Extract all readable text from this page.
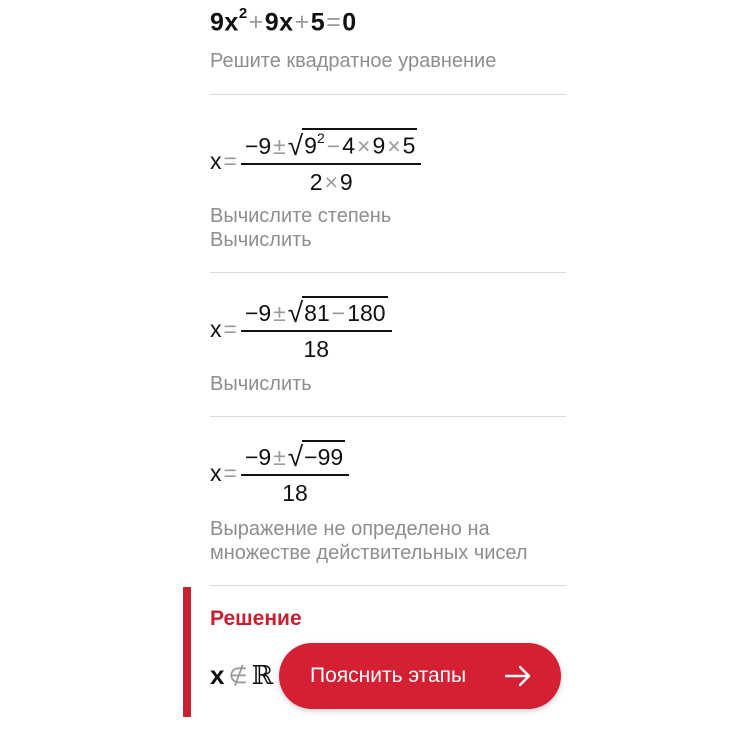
$9x^2+9x+5=0$
Решите квадратное уравнение
$x = \frac{-9 \pm √ 9^2-4\times 9\times 5}{2\times 9}$
Вычислите степень
Вычислить
$x = \frac{-9 \pm √ 81-180}{18}$
Вычислить
$x = \frac{-9 \pm √ -99}{18}$
Выражение не определено на
множестве действительных чисел
Решение
x ∉ ℝ Пояснить этапы
